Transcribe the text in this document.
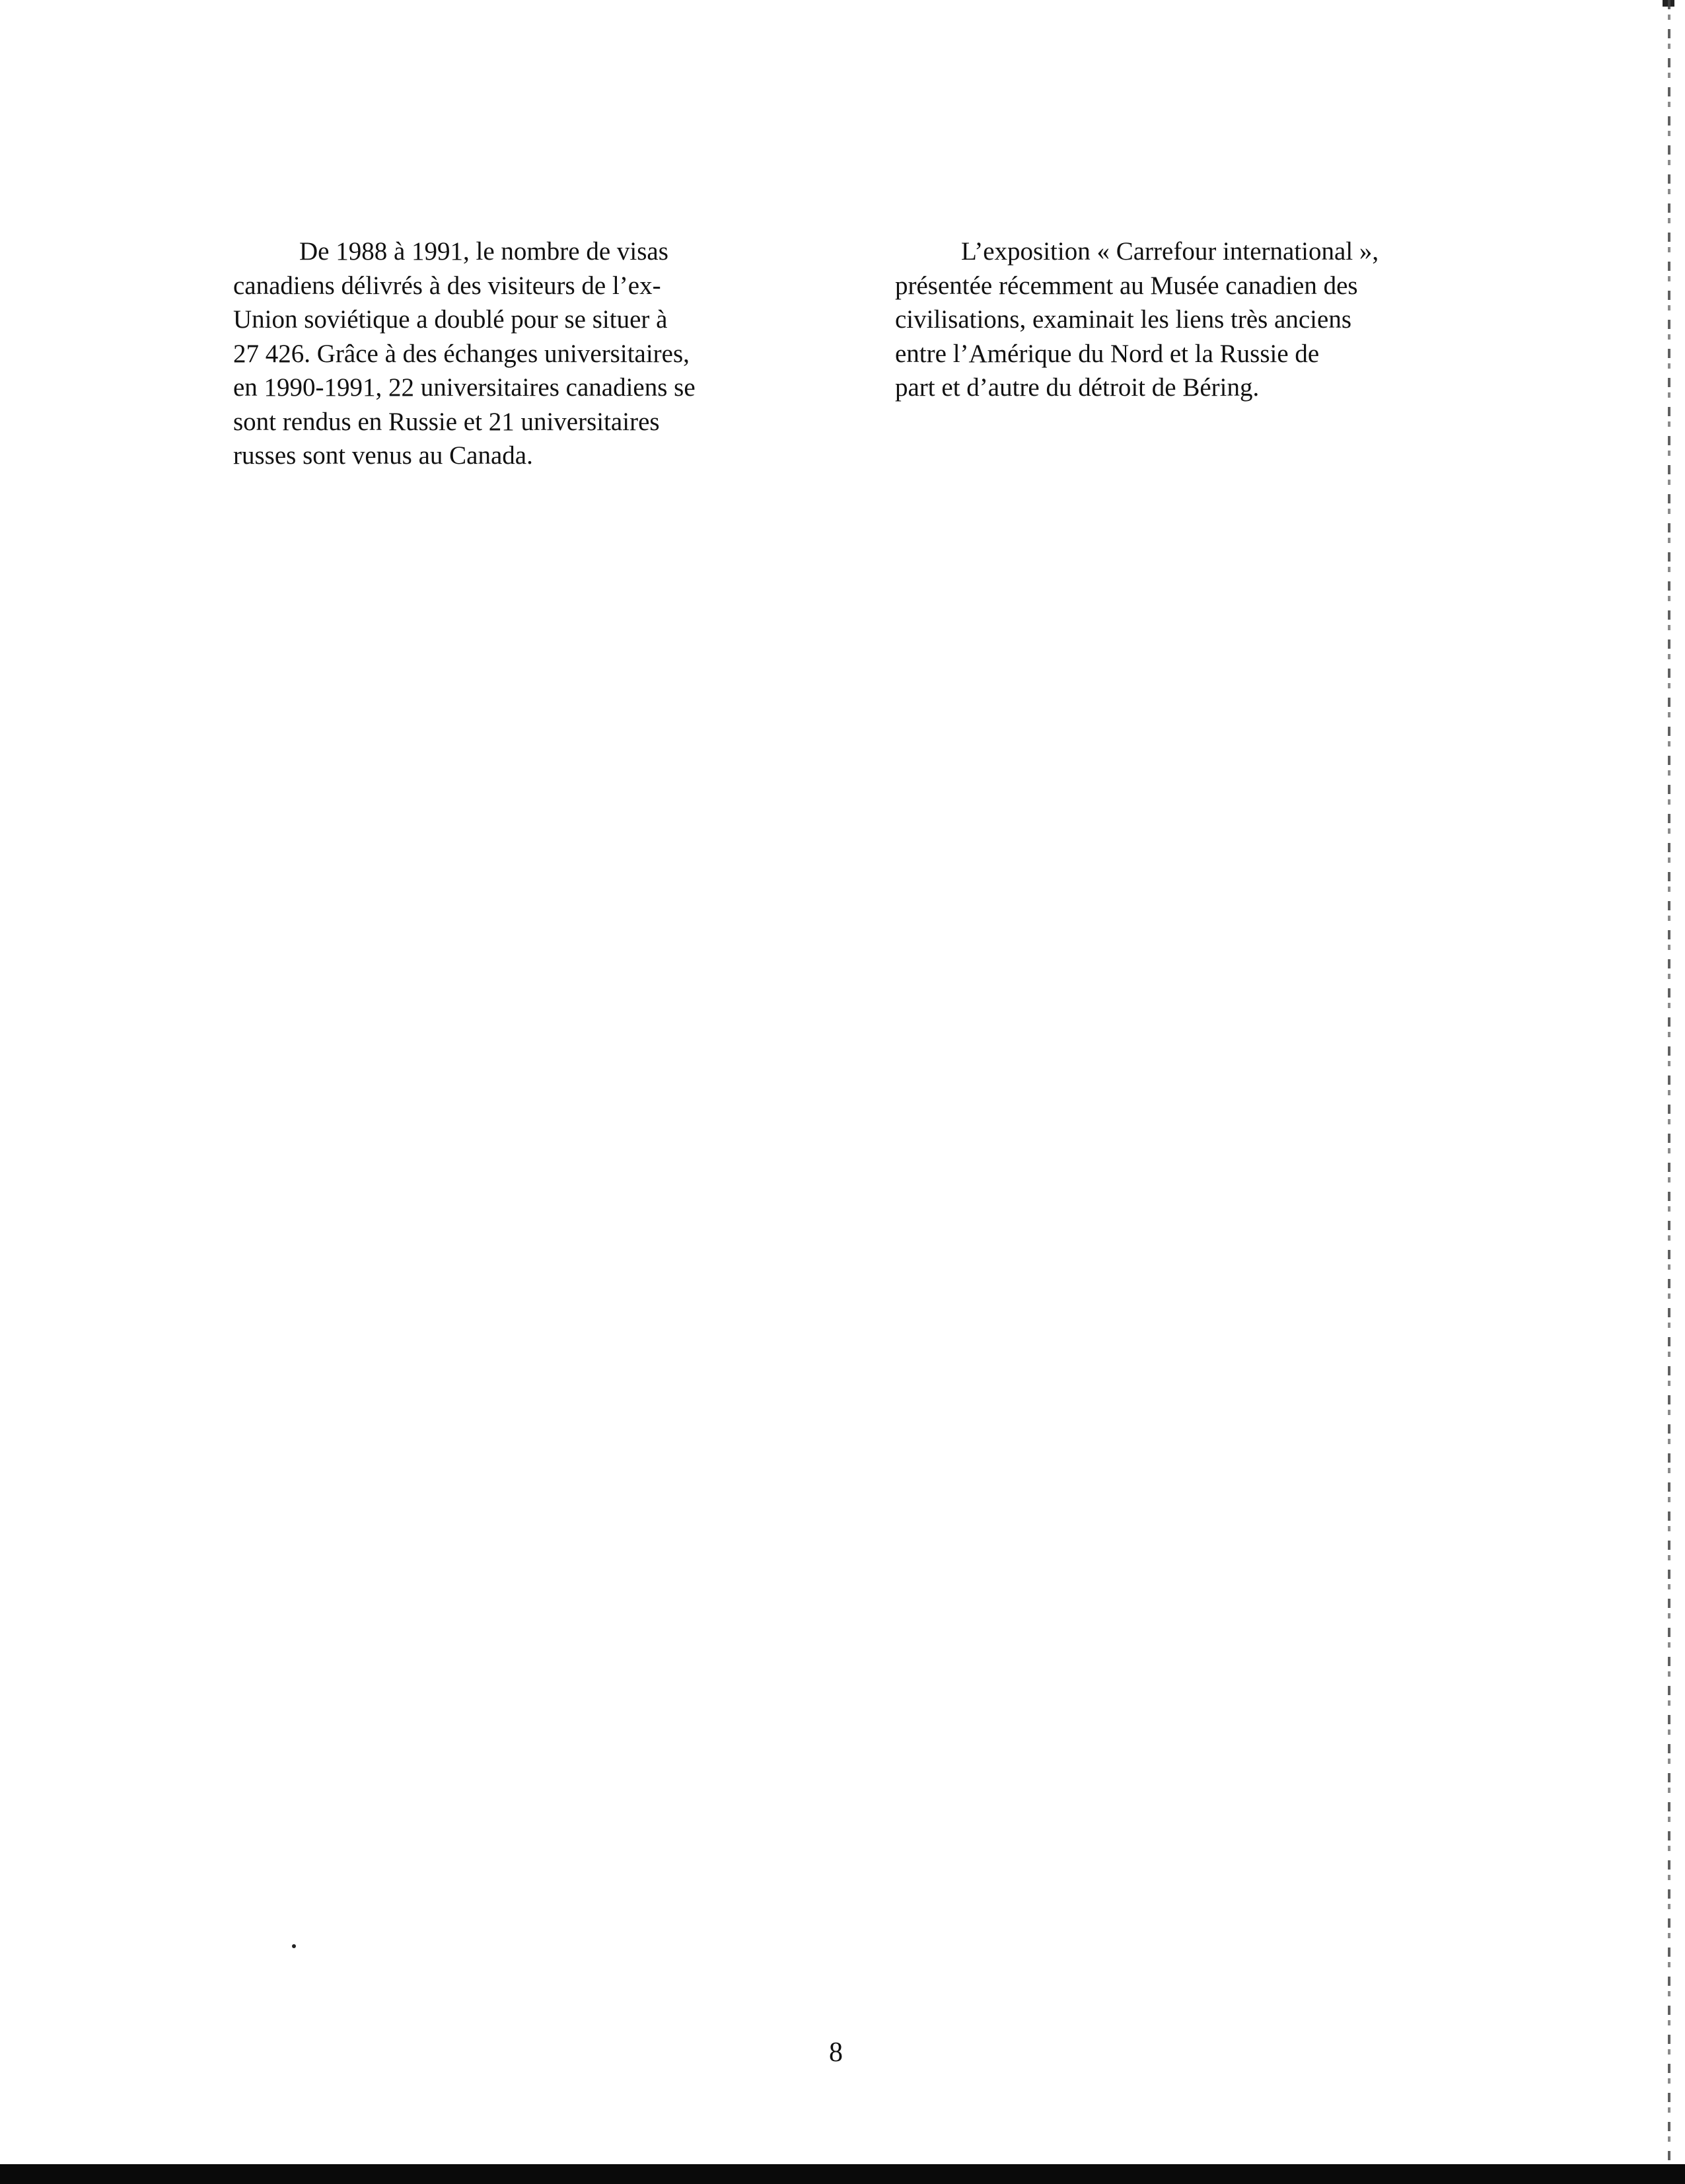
De 1988 à 1991, le nombre de visas
canadiens délivrés à des visiteurs de l’ex-
Union soviétique a doublé pour se situer à
27 426. Grâce à des échanges universitaires,
en 1990-1991, 22 universitaires canadiens se
sont rendus en Russie et 21 universitaires
russes sont venus au Canada.
L’exposition « Carrefour international »,
présentée récemment au Musée canadien des
civilisations, examinait les liens très anciens
entre l’Amérique du Nord et la Russie de
part et d’autre du détroit de Béring.
8
